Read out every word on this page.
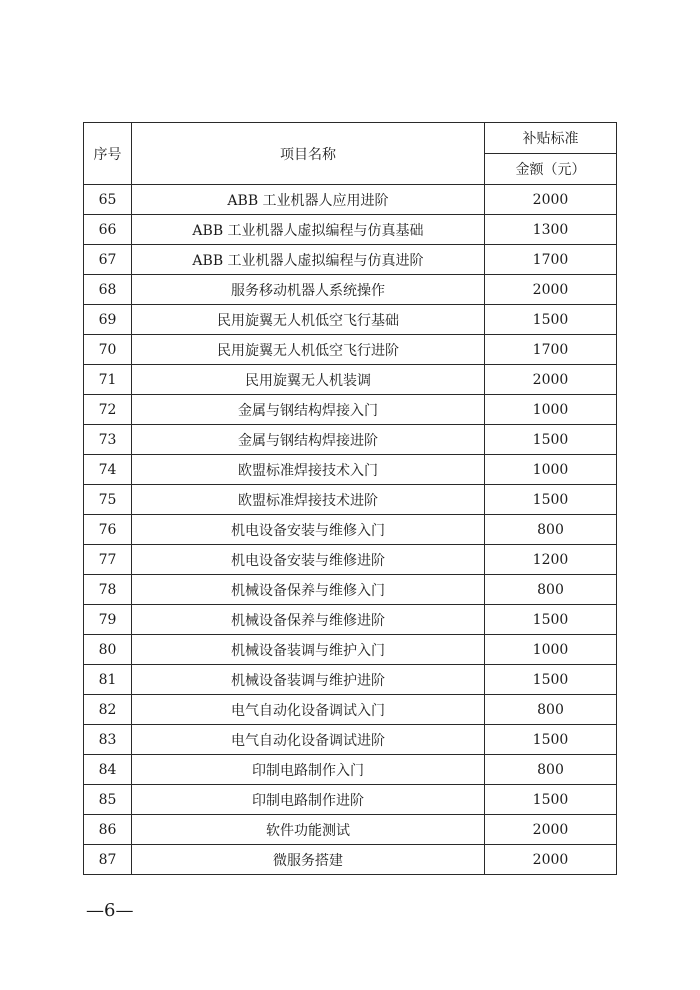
序号	项目名称	补贴标准
		金额（元）
65	ABB 工业机器人应用进阶	2000
66	ABB 工业机器人虚拟编程与仿真基础	1300
67	ABB 工业机器人虚拟编程与仿真进阶	1700
68	服务移动机器人系统操作	2000
69	民用旋翼无人机低空飞行基础	1500
70	民用旋翼无人机低空飞行进阶	1700
71	民用旋翼无人机装调	2000
72	金属与钢结构焊接入门	1000
73	金属与钢结构焊接进阶	1500
74	欧盟标准焊接技术入门	1000
75	欧盟标准焊接技术进阶	1500
76	机电设备安装与维修入门	800
77	机电设备安装与维修进阶	1200
78	机械设备保养与维修入门	800
79	机械设备保养与维修进阶	1500
80	机械设备装调与维护入门	1000
81	机械设备装调与维护进阶	1500
82	电气自动化设备调试入门	800
83	电气自动化设备调试进阶	1500
84	印制电路制作入门	800
85	印制电路制作进阶	1500
86	软件功能测试	2000
87	微服务搭建	2000
—6—
